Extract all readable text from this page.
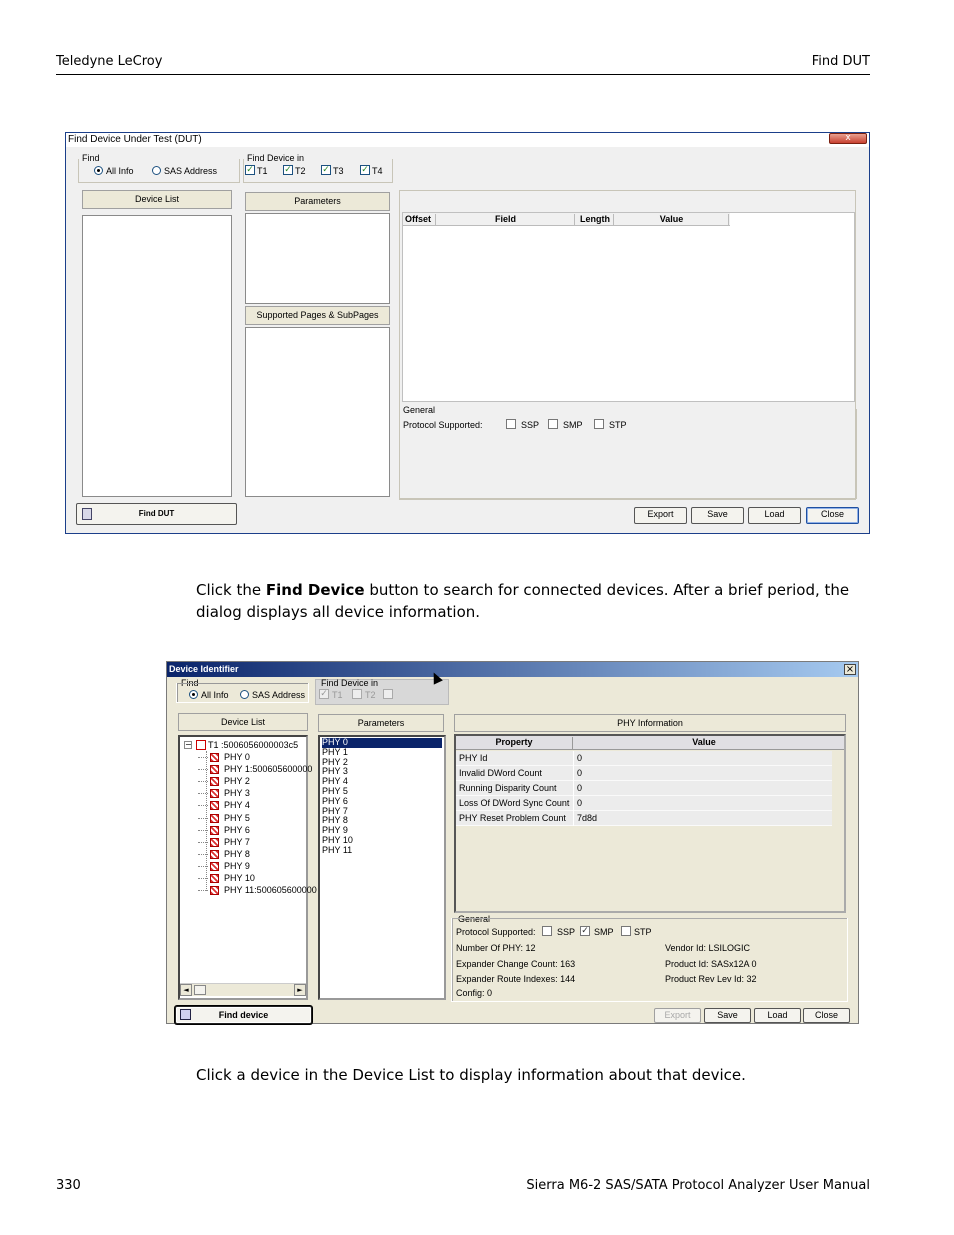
Teledyne LeCroy	Find DUT
Find Device Under Test (DUT)	x
Find
All Info	SAS Address
Find Device in
✓ T1 ✓ T2 ✓ T3 ✓ T4
Device List	Parameters
Supported Pages & SubPages
Offset	Field	Length	Value
General
Protocol Supported:	SSP	SMP	STP
Find DUT	Export	Save	Load	Close
Click the Find Device button to search for connected devices. After a brief period, the dialog displays all device information.
Device Identifier	×
Find
All Info	SAS Address
Find Device in
✓ T1 T2
Device List
− T1 :5006056000003c5
PHY 0
PHY 1:500605600000
PHY 2
PHY 3
PHY 4
PHY 5
PHY 6
PHY 7
PHY 8
PHY 9
PHY 10
PHY 11:500605600000
◄	►
Parameters
PHY 0
PHY 1
PHY 2
PHY 3
PHY 4
PHY 5
PHY 6
PHY 7
PHY 8
PHY 9
PHY 10
PHY 11
PHY Information
Property	Value
PHY Id	0
Invalid DWord Count	0
Running Disparity Count	0
Loss Of DWord Sync Count 0
PHY Reset Problem Count	7d8d
General
Protocol Supported: SSP ✓ SMP STP
Number Of PHY: 12
Expander Change Count: 163
Expander Route Indexes: 144
Config: 0
Vendor Id: LSILOGIC
Product Id: SASx12A 0
Product Rev Lev Id: 32
Find device	Export	Save	Load	Close
Click a device in the Device List to display information about that device.
330	Sierra M6-2 SAS/SATA Protocol Analyzer User Manual
